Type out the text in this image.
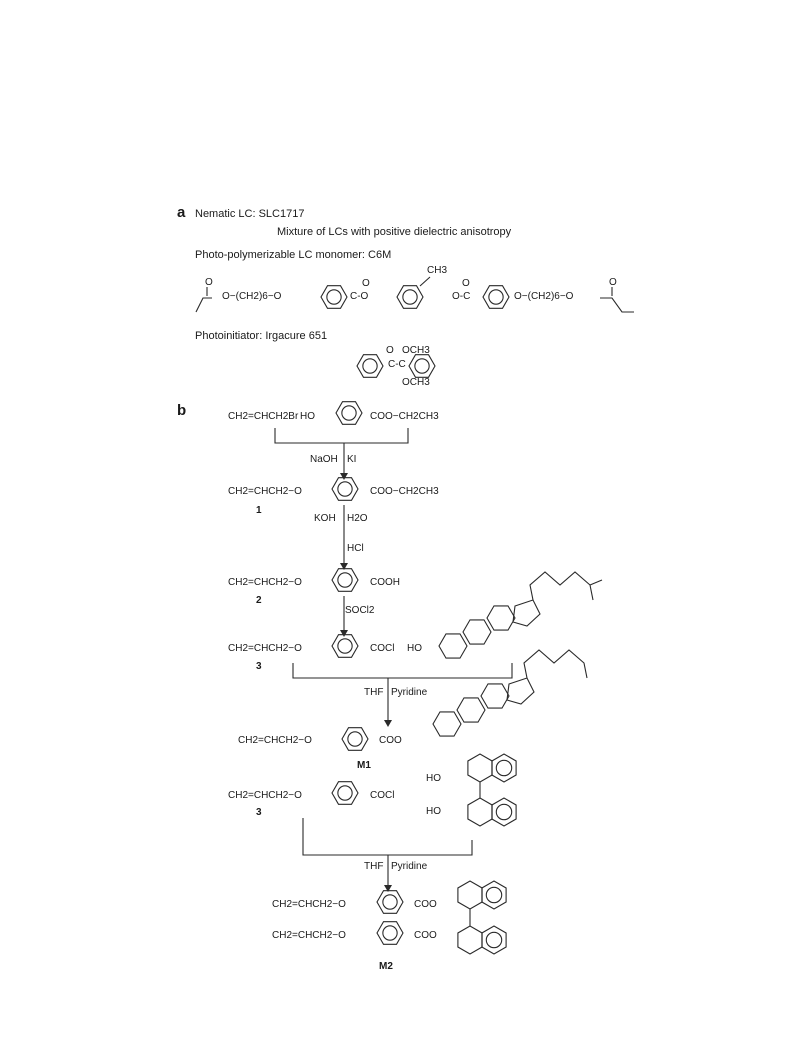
a Nematic LC: SLC1717
Mixture of LCs with positive dielectric anisotropy
Photo-polymerizable LC monomer: C6M
CH3
O
O−(CH2)6−O
O
C-O
O
O-C	O−(CH2)6−O
O
Photoinitiator: Irgacure 651
O OCH3
C-C
OCH3
b	CH2=CHCH2Br HO	COO−CH2CH3
NaOH KI
CH2=CHCH2−O	COO−CH2CH3
1
KOH H2O
HCl
CH2=CHCH2−O	COOH
2
SOCl2
CH2=CHCH2−O	COCl HO
3
THF Pyridine
CH2=CHCH2−O	COO
M1
CH2=CHCH2−O	COCl
3
HO
HO
THF Pyridine
CH2=CHCH2−O
CH2=CHCH2−O
COO
COO
M2
